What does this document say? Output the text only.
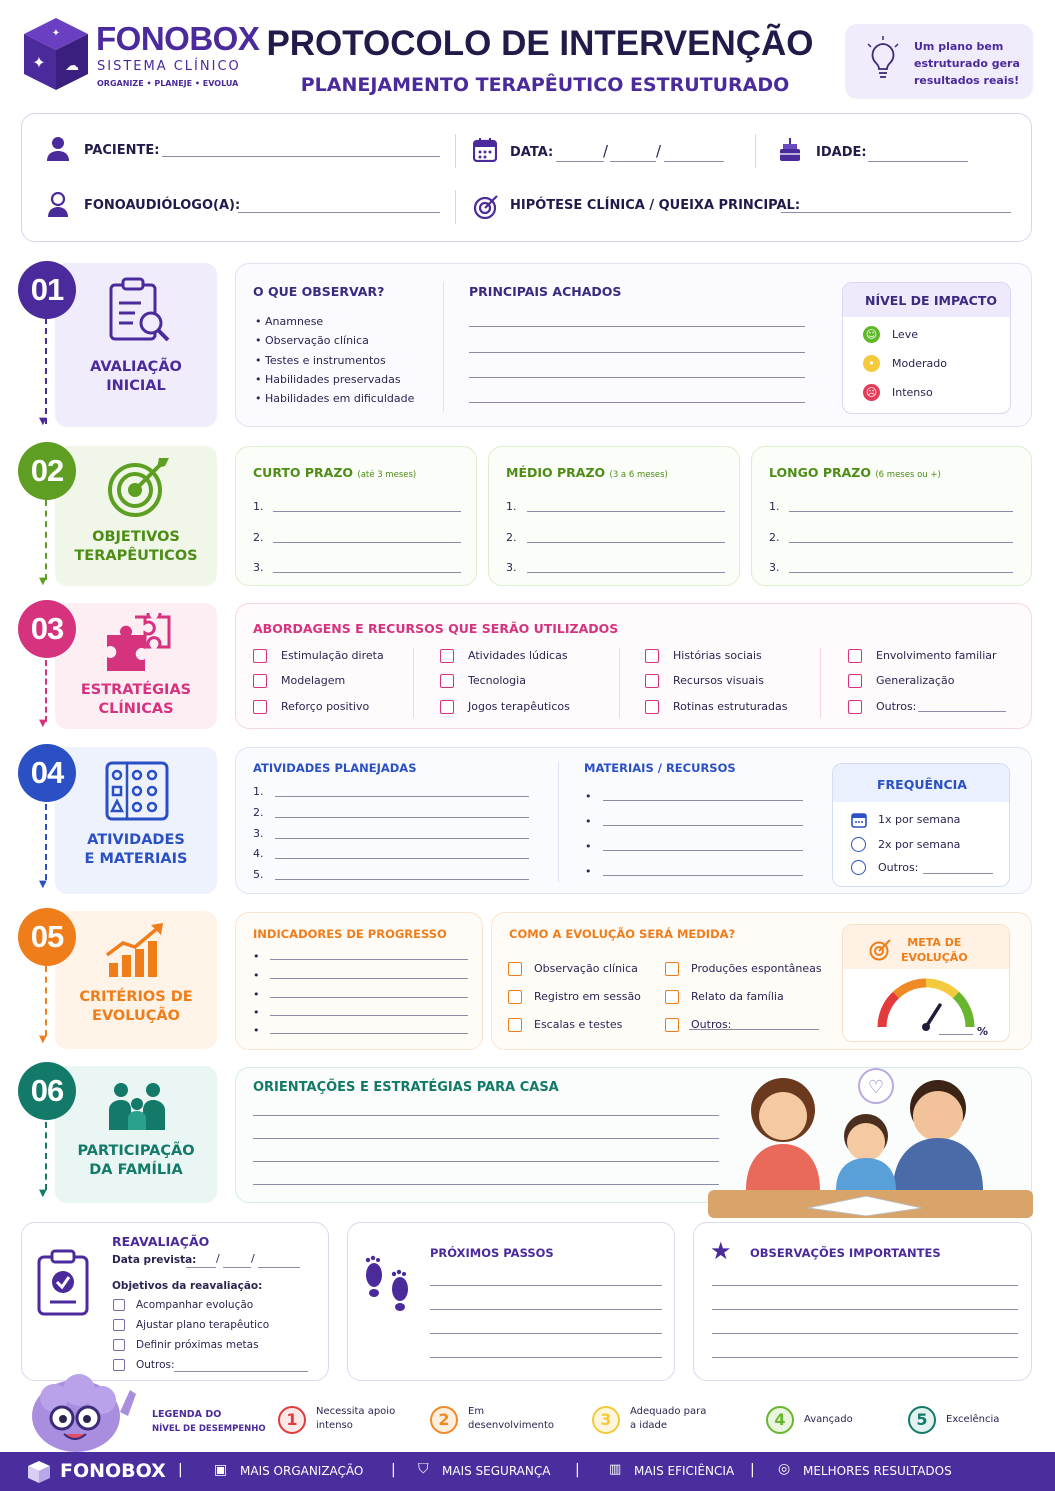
✦
✦ ☁
FONOBOX
SISTEMA CLÍNICO
ORGANIZE • PLANEJE • EVOLUA
PROTOCOLO DE INTERVENÇÃO
PLANEJAMENTO TERAPÊUTICO ESTRUTURADO
Um plano bem
estruturado gera
resultados reais!
PACIENTE:	DATA:	/	/	IDADE:
FONOAUDIÓLOGO(A):	HIPÓTESE CLÍNICA / QUEIXA PRINCIPAL:
▼
AVALIAÇÃO
INICIAL
01	O QUE OBSERVAR?
• Anamnese
• Observação clínica
• Testes e instrumentos
• Habilidades preservadas
• Habilidades em dificuldade
PRINCIPAIS ACHADOS
NÍVEL DE IMPACTO
☺ Leve
•	Moderado
☹ Intenso
▼
OBJETIVOS
TERAPÊUTICOS
02	CURTO PRAZO (até 3 meses)
1.
2.
3.
MÉDIO PRAZO (3 a 6 meses)
1.
2.
3.
LONGO PRAZO (6 meses ou +)
1.
2.
3.
▼
ESTRATÉGIAS
CLÍNICAS
03	ABORDAGENS E RECURSOS QUE SERÃO UTILIZADOS
▼
ATIVIDADES
E MATERIAIS
04	ATIVIDADES PLANEJADAS	MATERIAIS / RECURSOS
FREQUÊNCIA
1x por semana
2x por semana
Outros:
▼
CRITÉRIOS DE
EVOLUÇÃO
05	INDICADORES DE PROGRESSO	COMO A EVOLUÇÃO SERÁ MEDIDA?
META DE
EVOLUÇÃO
%
▼
PARTICIPAÇÃO
DA FAMÍLIA
06	ORIENTAÇÕES E ESTRATÉGIAS PARA CASA	♡
REAVALIAÇÃO
Data prevista: /	/
Objetivos da reavaliação:
PRÓXIMOS PASSOS	★ OBSERVAÇÕES IMPORTANTES
LEGENDA DO
NÍVEL DE DESEMPENHO
FONOBOX | ▣ MAIS ORGANIZAÇÃO | ⛉ MAIS SEGURANÇA | ▥ MAIS EFICIÊNCIA | ◎ MELHORES RESULTADOS
Estimulação direta
Modelagem
Reforço positivo
Atividades lúdicas
Tecnologia
Jogos terapêuticos
Histórias sociais
Recursos visuais
Rotinas estruturadas
Envolvimento familiar
Generalização
Outros:
1.
2.
3.
4.
5.
•
•
•
•
•
•
•
•
•
Observação clínica
Registro em sessão
Escalas e testes
Produções espontâneas
Relato da família
Outros:
Acompanhar evolução
Ajustar plano terapêutico
Definir próximas metas
Outros:
1	Necessita apoio
intenso	2	Em
desenvolvimento	3	Adequado para
a idade	4	Avançado	5	Excelência
